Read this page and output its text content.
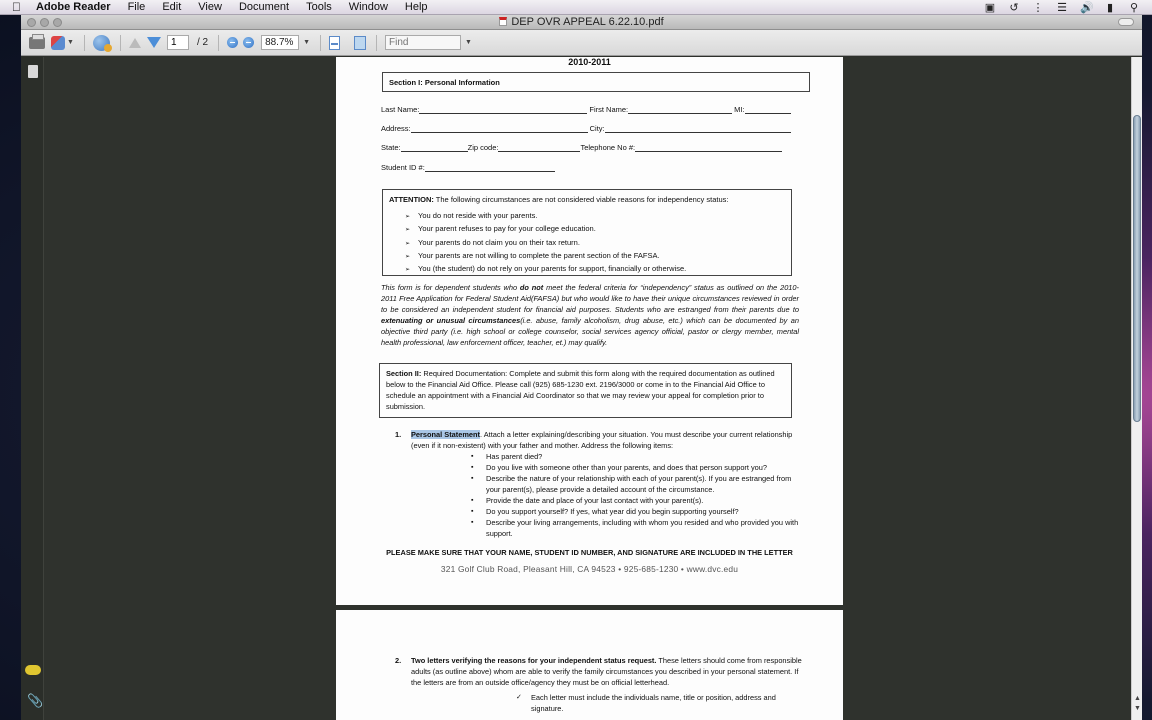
Adobe Reader File Edit View Document Tools Window Help	▣ ↺ ⋮ ☰ 🔊 ▮ ⚲
DEP OVR APPEAL 6.22.10.pdf
▼
1	/ 2	88.7% ▼
Find	▼
📎
2010-2011
Section I: Personal Information
Last Name:	First Name:	MI:
Address:	City:
State:	Zip code:	Telephone No #:
Student ID #:
ATTENTION: The following circumstances are not considered viable reasons for independency status:
➢ You do not reside with your parents.
➢ Your parent refuses to pay for your college education.
➢ Your parents do not claim you on their tax return.
➢ Your parents are not willing to complete the parent section of the FAFSA.
➢ You (the student) do not rely on your parents for support, financially or otherwise.
This form is for dependent students who do not meet the federal criteria for “independency” status as outlined on the 2010-2011 Free Application for Federal Student Aid(FAFSA) but who would like to have their unique circumstances reviewed in order to be considered an independent student for financial aid purposes. Students who are estranged from their parents due to extenuating or unusual circumstances(i.e. abuse, family alcoholism, drug abuse, etc.) which can be documented by an objective third party (i.e. high school or college counselor, social services agency official, pastor or clergy member, mental health professional, law enforcement officer, teacher, et.) may qualify.
Section II: Required Documentation: Complete and submit this form along with the required documentation as outlined below to the Financial Aid Office. Please call (925) 685-1230 ext. 2196/3000 or come in to the Financial Aid Office to schedule an appointment with a Financial Aid Coordinator so that we may review your appeal for completion prior to submission.
1.	Personal Statement. Attach a letter explaining/describing your situation. You must describe your current relationship (even if it non-existent) with your father and mother. Address the following items:
▪ Has parent died?
▪ Do you live with someone other than your parents, and does that person support you?
▪ Describe the nature of your relationship with each of your parent(s). If you are estranged from your parent(s), please provide a detailed account of the circumstance.
▪ Provide the date and place of your last contact with your parent(s).
▪ Do you support yourself? If yes, what year did you begin supporting yourself?
▪ Describe your living arrangements, including with whom you resided and who provided you with support.
PLEASE MAKE SURE THAT YOUR NAME, STUDENT ID NUMBER, AND SIGNATURE ARE INCLUDED IN THE LETTER
321 Golf Club Road, Pleasant Hill, CA 94523 • 925-685-1230 • www.dvc.edu
2.	Two letters verifying the reasons for your independent status request. These letters should come from responsible adults (as outline above) whom are able to verify the family circumstances you described in your personal statement. If the letters are from an outside office/agency they must be on official letterhead.
✓ Each letter must include the individuals name, title or position, address and signature.
▲
▼
